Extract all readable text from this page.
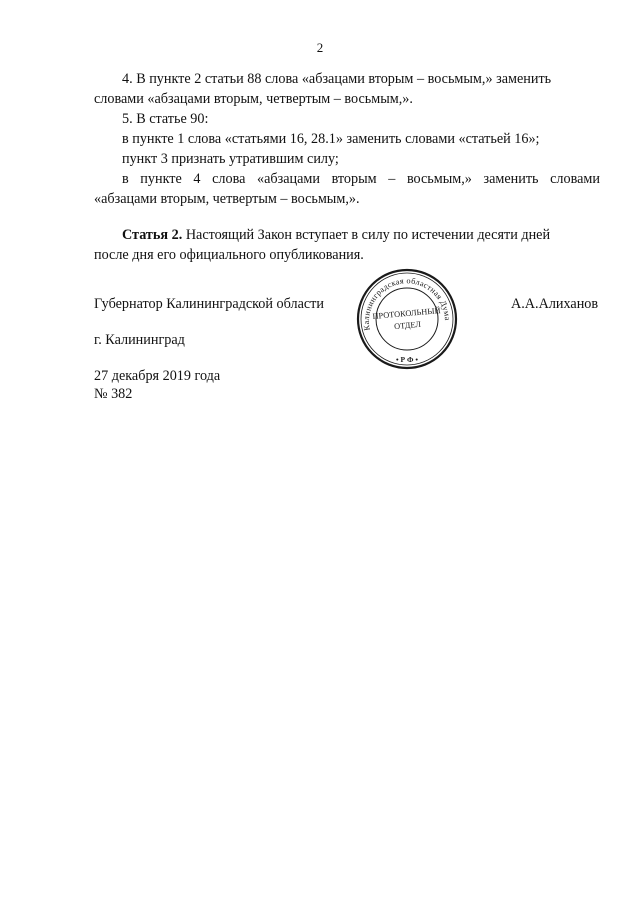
2
4. В пункте 2 статьи 88 слова «абзацами вторым – восьмым,» заменить
словами «абзацами вторым, четвертым – восьмым,».
5. В статье 90:
в пункте 1 слова «статьями 16, 28.1» заменить словами «статьей 16»;
пункт 3 признать утратившим силу;
в пункте 4 слова «абзацами вторым – восьмым,» заменить словами
«абзацами вторым, четвертым – восьмым,».
Статья 2. Настоящий Закон вступает в силу по истечении десяти дней
после дня его официального опубликования.
Губернатор Калининградской области	А.А.Алиханов
Калининградская областная Дума
ПРОТОКОЛЬНЫЙ
ОТДЕЛ
• Р Ф •
г. Калининград
27 декабря 2019 года
№ 382
